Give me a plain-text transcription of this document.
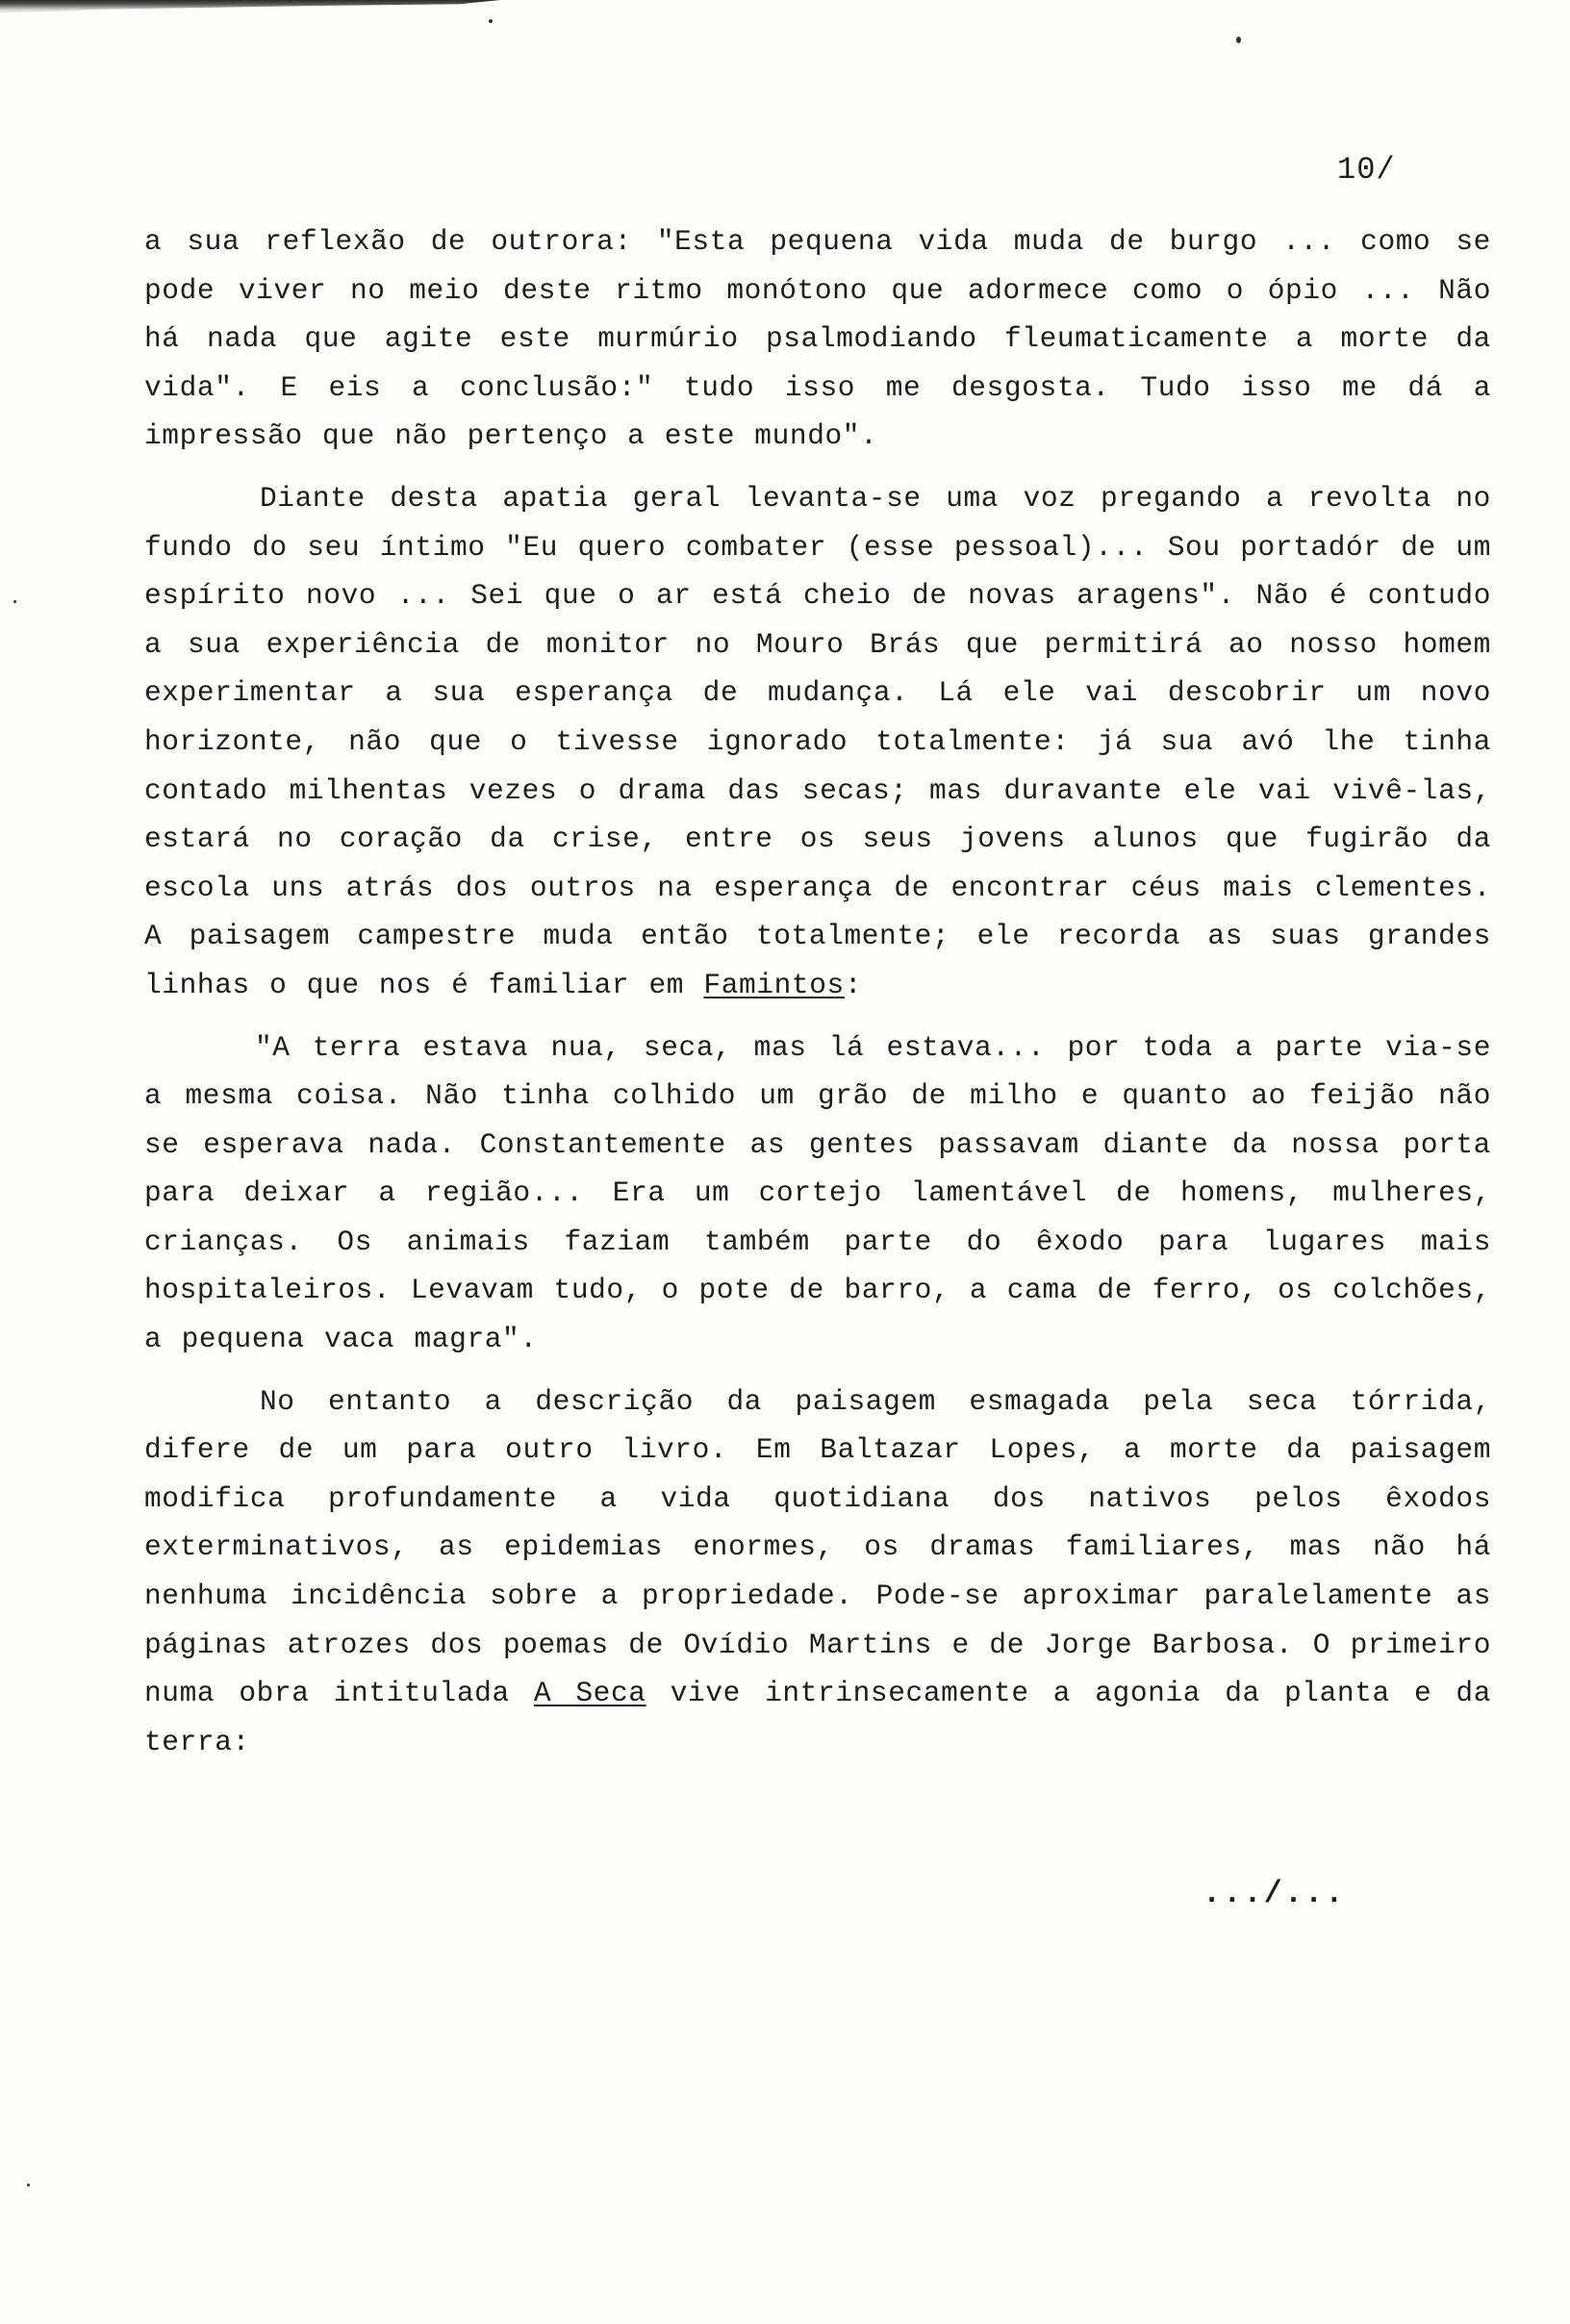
10/

a sua reflexão de outrora: "Esta pequena vida muda de burgo ... como se pode viver no meio deste ritmo monótono que adormece como o ópio ... Não há nada que agite este murmúrio psalmodiando fleumaticamente a morte da vida". E eis a conclusão:" tudo isso me desgosta. Tudo isso me dá a impressão que não pertenço a este mundo".

Diante desta apatia geral levanta-se uma voz pregando a revolta no fundo do seu íntimo "Eu quero combater (esse pessoal)... Sou portadór de um espírito novo ... Sei que o ar está cheio de novas aragens". Não é contudo a sua experiência de monitor no Mouro Brás que permitirá ao nosso homem experimentar a sua esperança de mudança. Lá ele vai descobrir um novo horizonte, não que o tivesse ignorado totalmente: já sua avó lhe tinha contado milhentas vezes o drama das secas; mas duravante ele vai vivê-las, estará no coração da crise, entre os seus jovens alunos que fugirão da escola uns atrás dos outros na esperança de encontrar céus mais clementes. A paisagem campestre muda então totalmente; ele recorda as suas grandes linhas o que nos é familiar em Famintos:

"A terra estava nua, seca, mas lá estava... por toda a parte via-se a mesma coisa. Não tinha colhido um grão de milho e quanto ao feijão não se esperava nada. Constantemente as gentes passavam diante da nossa porta para deixar a região... Era um cortejo lamentável de homens, mulheres, crianças. Os animais faziam também parte do êxodo para lugares mais hospitaleiros. Levavam tudo, o pote de barro, a cama de ferro, os colchões, a pequena vaca magra".

No entanto a descrição da paisagem esmagada pela seca tórrida, difere de um para outro livro. Em Baltazar Lopes, a morte da paisagem modifica profundamente a vida quotidiana dos nativos pelos êxodos exterminativos, as epidemias enormes, os dramas familiares, mas não há nenhuma incidência sobre a propriedade. Pode-se aproximar paralelamente as páginas atrozes dos poemas de Ovídio Martins e de Jorge Barbosa. O primeiro numa obra intitulada A Seca vive intrinsecamente a agonia da planta e da terra:

.../...
